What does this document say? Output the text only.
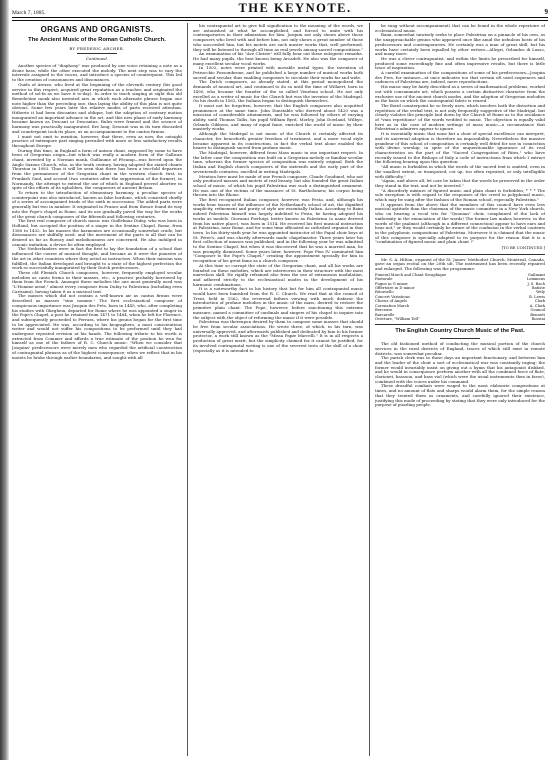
March 7, 1885.	THE KEYNOTE.	9
ORGANS AND ORGANISTS.
The Ancient Music of the Roman Catholic Church.
BY FREDERIC ARCHER.
Continued.

Another species of "diaphony" was produced by one voice retaining a note as a drone bass, while the other executed the melody. The next step was to vary the intervals assigned to the voices, and introduce a species of counterpoint. This led to the creation of consonances and dissonances.

Guido of Arezzo, who lived at the beginning of the eleventh century (his good service in this respect, acquired great reputation as a teacher, and originated the method of sol-fa as we have it to-day). In order to teach singing at sight this old Benedictine monk also invented airs in which each alternate phrase began one note higher than the preceding one, thus laying the ability of this plan is not quite obvious. Some few years later the relative modes of parts received attention. Hitherto it had been discantus and oblique, but the adoption of contrary motion inaugurated an important advance in the art, and this new phase of early harmony became known as Descant or Descantus. Rules were framed and the science of harmony was practically inaugurated. Ere long, Descant was in its turn discarded and counterpoint took its place, as an accompaniment to the cantus firmus.

I must not omit to mention, however, that there, even as now, the outsight practice of extempore part singing prevailed with more or less satisfactory results throughout Europe.

During this time, in England a form of unison chant, supposed by some to have been of Gregorian origin—but which was really a modern form of the Gallican chant, invented by a Norman monk, Guillaume of Fécamp—was forced upon the Anglo Saxons Church, who, in the tenth century, having adopted the stated chants Thurston in 1083. Thus it will be seen that there has been a two-fold departure from the permanence of the Gregorian chant in the western church: first, in Frankish Gaul, and second (two centuries after the suppression of the former), in Normandy, the attempt to extend the use of which in England proved abortive in spite of the efforts of its upholders, the conquerors of ancient Britain.

To return to the introduction of elementary harmony, a peculiar species of counterpoint was also introduced, known as false bordone, which consisted chiefly of a series of accompanied triads of the sixth in succession. The added parts were generally but two in number. It originated in France and from thence found its way into the Pope's chapel in Rome, and its use gradually paved the way for the works of the great church composers of the fifteenth and following centuries.

The first real composer of church music was Guillelmus Dufay, who was born in Holland, but occupied the position of a singer in the Sextine Chapel, Rome, from 1380 to 1432. In his masses the harmonies are occasionally somewhat crude, but dissonances are skilfully used, and the movement of the parts is all that can be desired as far as fluency and melodiousness are concerned. He also indulged in canonic imitation, a device he often employed.

The Netherlanders were in fact the first to lay the foundation of a school that influenced the course of musical thought, and became as it were the pioneers of the art in other countries where they acted as instructors. When their mission was fulfilled, the Italian developed and brought to a state of the highest perfection the work so successfully inaugurated by their Dutch predecessors.

These old Flemish Church composers, however, frequently employed secular melodies as canto fermo in their masses, etc., a practice probably borrowed by them from the French. Amongst these melodies the one most generally used was "L'Homme armé," almost every composer from Dufay to Palestrina (including even Carissimi), having taken it as a musical text.

The masses which did not contain a well-known air as cantus firmus were described as masses "sine nomine." The first ecclesiastical composer of conspicuous importance was Jusquin des Prés, born in 1445, who, after completing his studies with Okeghem, departed for Rome where he was appointed a singer in the Pope's Chapel, a post he retained from 1471 to 1484, when he left for Florence, and subsequently proceeded to Ferrara, where his genius began for the first time to be appreciated. He was, according to his biographers, a most conscientious writer and would not suffer his compositions to be performed until they had undergone repeated revision at his hands. The following tribute to his worth is extracted from Commer and affords a true estimate of the position he won for himself as one of the fathers of R. C. Church music: "When we consider that Josquins' predecessors were merely men who regarded the artificial construction of contrapuntal phrases as of the highest consequence; when we reflect that in his motets he broke through earlier boundaries, and sought with all

his contrapuntal art to give full signification to the meaning of the words, we are astonished at what he accomplished, and forced to unite with his contemporaries in their admiration for him. Josquin not only shows above those composers who lived with and before him, not only shows a great number of those who succeeded him, but his motets are such master works that, well performed, they will be listened to through all time as real jewels among sacred compositions."

An examination of his "Ave Christe" will fully bear out these eulogistic remarks. He had many pupils, the best known being Arcadelt. He also was the composer of many excellent secular vocal works.

In 1502, notes were printed with movable metal types, the invention of Petrucchio Fossombrone, and he published a large number of musical works both sacred and secular, thus enabling composers to circulate their works far and wide.

The Dutch composers, as already stated, at this period monopolized the demands of musical art, and continued to do so until the time of Willaert, born in 1490, who became the founder of the so called Venetian school. He not only excelled as a writer of music for the Church but was the inventor of the Madrigal. On his death in 1562, the Italians began to distinguish themselves.

It must not be forgotten, however, that the English composers also acquitted prominence at the same time. John Dunstable who derived about 1420 was a musician of considerable attainments, and he was followed by others of varying ability, until Thomas Tallis, his pupil William Byrd, Morley, John Dowland, Wilbye, Orlando Gibbons, and many of equal fame, enriched the world of music by their masterly works.

Although the Madrigal is not music of the Church it certainly affected its character, for henceforth greater freedom of treatment, and a more vocal style became apparent in its construction, in fact the verbal text alone enabled the hearer to distinguish sacred from profane music.

The Madrigal, however, differed from Mass music in one important respect. In the latter case the composition was built on a Gregorian melody or familiar secular tune, whereas the former species of composition was entirely original. Both the Italian and English church composers of the sixteenth and the early part of the seventeenth centuries, excelled in writing Madrigals.

Mention here must be made of one French composer, Claude Goudimel, who not only produced masses and motets of real beauty, but also founded the great Italian school of music, of which his pupil Palestrina was such a distinguished ornament. He was one of the victims of the massacre of St. Bartholomew, his corpse being thrown into the Rhone.

The first recognized Italian composer, however, was Festa, and, although his works bear traces of the influence of the Netherland's school of art, the dignified simplicity, refinement and purity of style are essentially Italian. According to Baini indeed Palestrina himself was largely indebted to Festa, he having adopted his works as models. Giovanni Pierluigi, better known as Palestrina (a name derived from his native place), was born in 1514. He received his first musical instruction at Palestrina, near Rome, and for some time officiated as cathedral organist in that town. In his thirty-sixth year he was appointed instructor of the Papal choir boys at St. Peter's, and was shortly afterwards made chapelmaster. Three years later his first collection of masses was published, and in the following year he was admitted to the Sextine Chapel, but when it was discovered that he was a married man, he was promptly dismissed. Some years later, however, Pope Pius IV. nominated him "Composer to the Pope's Chapel," creating the appointment specially for him in recognition of his great fame as a church composer.

At this time so corrupt the state of the Gregorian chant, and all his works are founded on these melodies, which are interwoven in their structure with the most marvelous skill. He rigidly refrained also from the use of extraneous modulation, and adhered strictly to the ecclesiastical modes in the development of his harmonic combinations.

It is a noteworthy fact in his history that but for him all contrapuntal music would have been banished from the R. C. Church. We read that at the council of Trent, held in 1562, the reverend fathers viewing with much disfavor the introduction of profane melodies in the music of the mass, desired to restore the primitive plain chant. The Pope, however, before sanctioning this extreme measure, named a committee of cardinals and singers of his chapel to inquire into the subject with the object of reforming the music if it were possible.

Palestrina was thereupon desired by them to compose some masses that should be free from secular associations. He wrote three, of which, in his turn, was universally approved, and afterwards published and dedicated by him to his former protector, a work still known as the "Missa Papæ Marcelli." It is in all respects a production of great merit, but the simplicity claimed for it cannot be justified, for its involved contrapuntal writing is one of the severest tests of the skill of a choir (especially as it is intended to

be sung without accompaniment) that can be found in the whole repertoire of ecclesiastical music.

Baini, somewhat unwisely seeks to place Palestrina on a pinnacle of his own, as the unapproachable genius who appeared once like amid the nebulous hosts of his predecessors and contemporaries. He certainly was a man of great skill, but his works have certainly been equalled by other writers—Allegri, Orlandus di Lasso, and many more.

He was a clever contrapuntist, and within the limits he prescribed for himself, produced some exceedingly fine and often impressive results, but there is little trace of inspiration.

A careful examination of the compositions of some of his predecessors—Josquin des Pres, for instance—at once indicates too that certain oft used sequences and cadences of Palestrina are, indeed, mere reproductions.

His music may be fairly described as a series of mathematical problems, worked out with consummate art, which possess a certain distinctive character from the exclusive use of the ancient church modes, and the adoption of Gregorian melodies as the basis on which the contrapuntal fabric is reared.

The florid counterpoint he so freely uses, which involves both the distortion and repetition of the verbal text, is not only frequently suggestive of the Madrigal, but clearly violates the principle laid down by the Church of Rome as to the avoidance of "vain repetitions" of the words wedded to music. The objection is equally valid here as in the case of modern settings of mass music—a circumstance that Palestrina's admirers appear to ignore.

It is essentially music that none but a choir of special excellence can interpret, and its universal adoption is therefore an impossibility. Nevertheless the massive grandeur of this school of composition is certainly well fitted for use in connection with divine worship, in spite of the unquestionable ignorance of its real characteristics on the part of the "Sacred Congregation of Rites," who have recently issued to the Bishops of Italy a code of instructions from which I extract the following bearing upon this question:

"All music is forbidden in which the words of the sacred text is omitted, even in the smallest extent, or transposed, cut up, too often repeated, or only intelligible with difficulty."

"Again, and above all, let care be taken that the words be preserved in the order they stand in the text, and not be inverted."

"A disorderly mixture of figured music and plain chant is forbidden; * * * The sole exception is with regard to the responses of the creed in polyphonal music, which may be sung after the fashion of the Roman school, especially Palestrina."

It appears from the above that the members of this council have even less musical aptitude than the chairman of the music committee in a New York church, who on hearing a vocal trio for "Quonian" choir, complained of the lack of uniformity in the enunciation of the words! The former law makes however, in the words of the psalmist (although in a different connection) appear to have ears and hear not," or they would certainly be aware of the confusion in the verbal contents in the polyphonic compositions of Palestrina. Moreover it is claimed that the music of this composer is specially adapted to its purpose for the reason that it is a "combination of figured music and plain chant !"

[TO BE CONTINUED.]

Mr. S. A. Hilton, organist of the St. James' Methodist Church, Montreal, Canada, gave an organ recital on the 20th ult. The instrument has been recently repaired and enlarged. The following was the programme:

Funeral March and Chant Seraphique	Guilmant
Pastorale	Lemmens
Fugue in G minor	J. S. Bach
Offertoire in D minor	Batiste
Ritornello	Wely
Concert Variations	R. Lewis
Chorus of Angels	Clark
Coronation March	A. Clark
Berceuse	Gounod
Barcarolle	Bennett
Overture, "William Tell"	Rossini
The English Country Church Music of the Past.

The old fashioned method of conducting the musical portion of the church services in the rural districts of England, traces of which still exist in remote districts, was somewhat peculiar.

The parish clerk was in those days an important functionary, and between him and the leader of the choir a sort of ecclesiastical war was constantly raging; the former would invariably insist on giving out a hymn that his antagonist disliked, and he would in consequence perform another with all the combined force of flute, clarionet, bassoon, and bass viol (which were the usual instruments then in favor), combined with the voices under his command.

These dreadful combats were waged to the most elaborate compositions at times, and no amount of flats and sharps would alarm them, for the simple reason that they treated them as ornaments, and carefully ignored their existence, justifying this mode of proceeding by stating that they were only introduced for the purpose of puzzling people.
